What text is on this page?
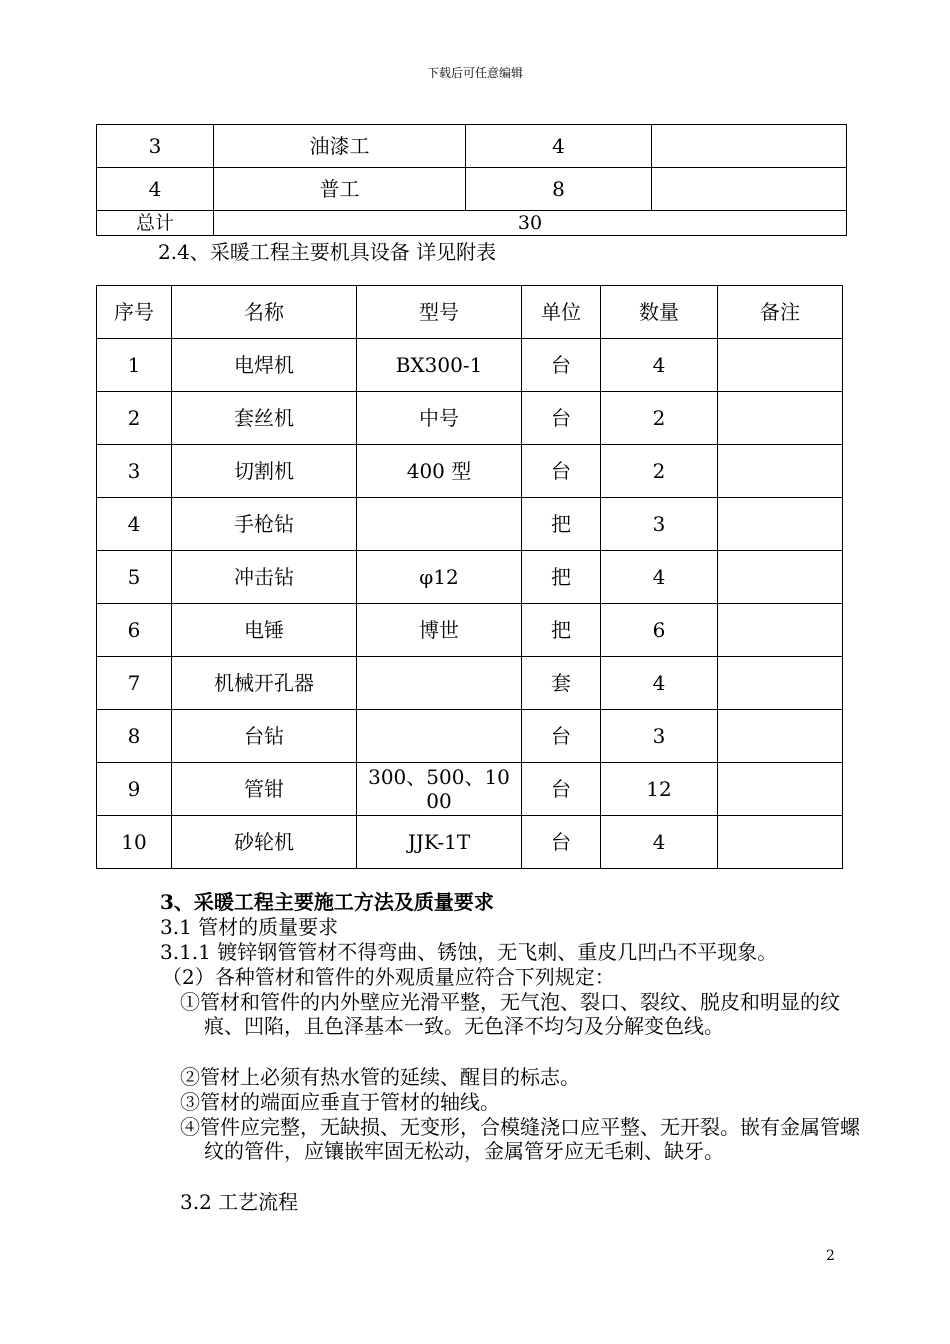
下载后可任意编辑
3	油漆工	4	
4	普工	8	
总计	30		
2.4、采暖工程主要机具设备 详见附表
序号	名称	型号	单位	数量	备注
1	电焊机	BX300-1	台	4	
2	套丝机	中号	台	2	
3	切割机	400 型	台	2	
4	手枪钻		把	3	
5	冲击钻	φ12	把	4	
6	电锤	博世	把	6	
7	机械开孔器		套	4	
8	台钻		台	3	
9	管钳	300、500、1000	台	12	
10	砂轮机	JJK-1T	台	4	
3、采暖工程主要施工方法及质量要求
3.1 管材的质量要求
3.1.1 镀锌钢管管材不得弯曲、锈蚀，无飞刺、重皮几凹凸不平现象。
（2）各种管材和管件的外观质量应符合下列规定：
①管材和管件的内外壁应光滑平整，无气泡、裂口、裂纹、脱皮和明显的纹痕、凹陷，且色泽基本一致。无色泽不均匀及分解变色线。
②管材上必须有热水管的延续、醒目的标志。
③管材的端面应垂直于管材的轴线。
④管件应完整，无缺损、无变形，合模缝浇口应平整、无开裂。嵌有金属管螺纹的管件，应镶嵌牢固无松动，金属管牙应无毛刺、缺牙。
3.2 工艺流程
2
